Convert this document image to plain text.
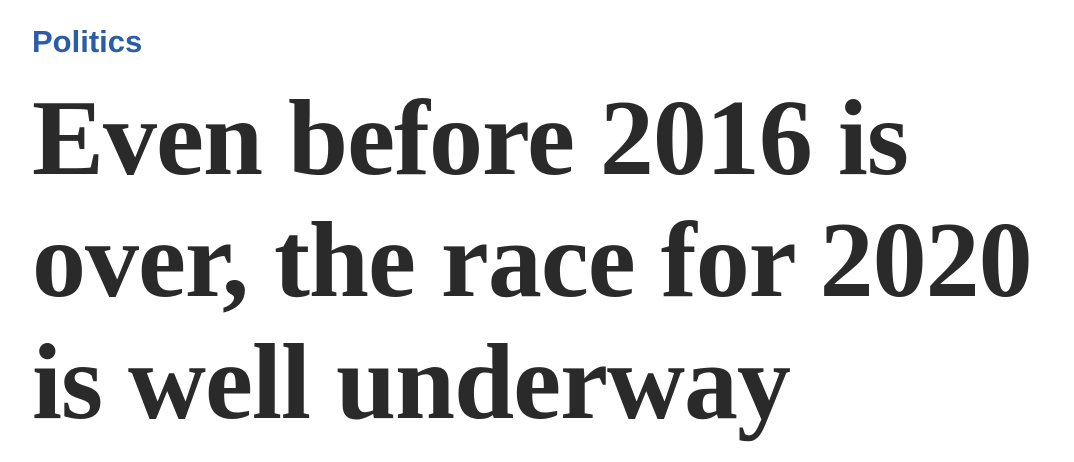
Politics
Even before 2016 is
over, the race for 2020
is well underway
